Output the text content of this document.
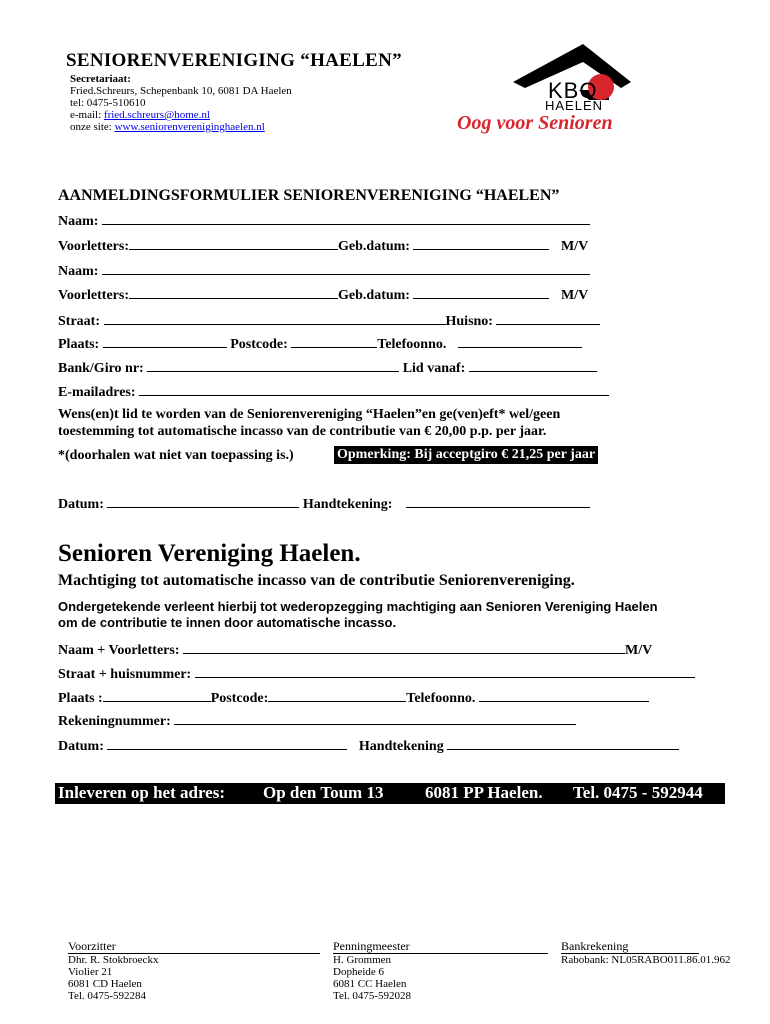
SENIORENVERENIGING “HAELEN”
Secretariaat:
Fried.Schreurs, Schepenbank 10, 6081 DA Haelen
tel: 0475-510610
e-mail: fried.schreurs@home.nl
onze site: www.seniorenvereniginghaelen.nl
KBO
HAELEN
Oog voor Senioren
AANMELDINGSFORMULIER SENIORENVERENIGING “HAELEN”
Naam:
Voorletters:	Geb.datum:	M/V
Naam:
Voorletters:	Geb.datum:	M/V
Straat:	Huisno:
Plaats:	Postcode:	Telefoonno.
Bank/Giro nr:	Lid vanaf:
E-mailadres:
Wens(en)t lid te worden van de Seniorenvereniging “Haelen”en ge(ven)eft* wel/geen
toestemming tot automatische incasso van de contributie van € 20,00 p.p. per jaar.
*(doorhalen wat niet van toepassing is.)	Opmerking: Bij acceptgiro € 21,25 per jaar
Datum:	Handtekening:
Senioren Vereniging Haelen.
Machtiging tot automatische incasso van de contributie Seniorenvereniging.
Ondergetekende verleent hierbij tot wederopzegging machtiging aan Senioren Vereniging Haelen
om de contributie te innen door automatische incasso.
Naam + Voorletters:	M/V
Straat + huisnummer:
Plaats :	Postcode:	Telefoonno.
Rekeningnummer:
Datum:	Handtekening
Inleveren op het adres: Op den Toum 13 6081 PP Haelen. Tel. 0475 - 592944
Voorzitter
Dhr. R. Stokbroeckx
Violier 21
6081 CD Haelen
Tel. 0475-592284
Penningmeester
H. Grommen
Dopheide 6
6081 CC Haelen
Tel. 0475-592028
Bankrekening
Rabobank: NL05RABO011.86.01.962
